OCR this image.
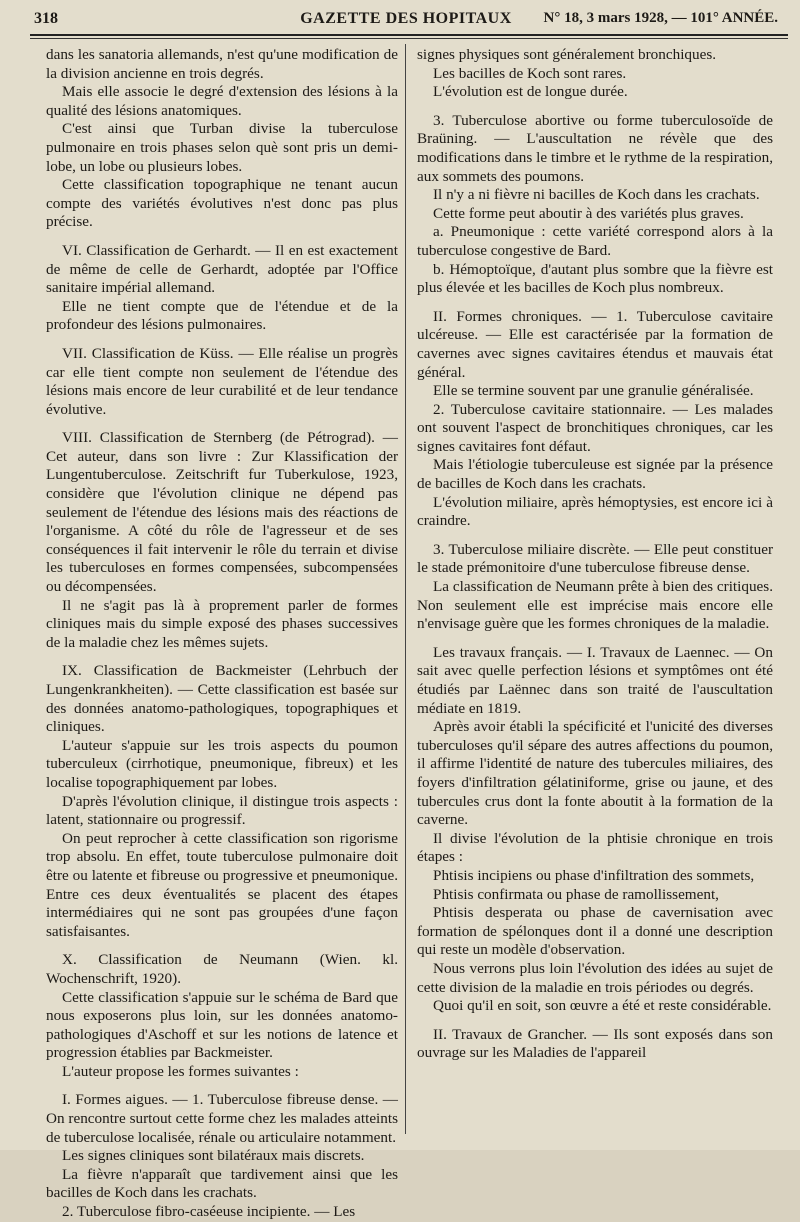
318	GAZETTE DES HOPITAUX	N° 18, 3 mars 1928, — 101° ANNÉE.

dans les sanatoria allemands, n'est qu'une modification de la division ancienne en trois degrés.

Mais elle associe le degré d'extension des lésions à la qualité des lésions anatomiques.

C'est ainsi que Turban divise la tuberculose pulmonaire en trois phases selon què sont pris un demi-lobe, un lobe ou plusieurs lobes.

Cette classification topographique ne tenant aucun compte des variétés évolutives n'est donc pas plus précise.

VI. Classification de Gerhardt. — Il en est exactement de même de celle de Gerhardt, adoptée par l'Office sanitaire impérial allemand.

Elle ne tient compte que de l'étendue et de la profondeur des lésions pulmonaires.

VII. Classification de Küss. — Elle réalise un progrès car elle tient compte non seulement de l'étendue des lésions mais encore de leur curabilité et de leur tendance évolutive.

VIII. Classification de Sternberg (de Pétrograd). — Cet auteur, dans son livre : Zur Klassification der Lungentuberculose. Zeitschrift fur Tuberkulose, 1923, considère que l'évolution clinique ne dépend pas seulement de l'étendue des lésions mais des réactions de l'organisme. A côté du rôle de l'agresseur et de ses conséquences il fait intervenir le rôle du terrain et divise les tuberculoses en formes compensées, subcompensées ou décompensées.

Il ne s'agit pas là à proprement parler de formes cliniques mais du simple exposé des phases successives de la maladie chez les mêmes sujets.

IX. Classification de Backmeister (Lehrbuch der Lungenkrankheiten). — Cette classification est basée sur des données anatomo-pathologiques, topographiques et cliniques.

L'auteur s'appuie sur les trois aspects du poumon tuberculeux (cirrhotique, pneumonique, fibreux) et les localise topographiquement par lobes.

D'après l'évolution clinique, il distingue trois aspects : latent, stationnaire ou progressif.

On peut reprocher à cette classification son rigorisme trop absolu. En effet, toute tuberculose pulmonaire doit être ou latente et fibreuse ou progressive et pneumonique. Entre ces deux éventualités se placent des étapes intermédiaires qui ne sont pas groupées d'une façon satisfaisantes.

X. Classification de Neumann (Wien. kl. Wochenschrift, 1920).

Cette classification s'appuie sur le schéma de Bard que nous exposerons plus loin, sur les données anatomo-pathologiques d'Aschoff et sur les notions de latence et progression établies par Backmeister.

L'auteur propose les formes suivantes :

I. Formes aigues. — 1. Tuberculose fibreuse dense. — On rencontre surtout cette forme chez les malades atteints de tuberculose localisée, rénale ou articulaire notamment.

Les signes cliniques sont bilatéraux mais discrets.

La fièvre n'apparaît que tardivement ainsi que les bacilles de Koch dans les crachats.

2. Tuberculose fibro-caséeuse incipiente. — Les

signes physiques sont généralement bronchiques.

Les bacilles de Koch sont rares.

L'évolution est de longue durée.

3. Tuberculose abortive ou forme tuberculosoïde de Braüning. — L'auscultation ne révèle que des modifications dans le timbre et le rythme de la respiration, aux sommets des poumons.

Il n'y a ni fièvre ni bacilles de Koch dans les crachats.

Cette forme peut aboutir à des variétés plus graves.

a. Pneumonique : cette variété correspond alors à la tuberculose congestive de Bard.

b. Hémoptoïque, d'autant plus sombre que la fièvre est plus élevée et les bacilles de Koch plus nombreux.

II. Formes chroniques. — 1. Tuberculose cavitaire ulcéreuse. — Elle est caractérisée par la formation de cavernes avec signes cavitaires étendus et mauvais état général.

Elle se termine souvent par une granulie généralisée.

2. Tuberculose cavitaire stationnaire. — Les malades ont souvent l'aspect de bronchitiques chroniques, car les signes cavitaires font défaut.

Mais l'étiologie tuberculeuse est signée par la présence de bacilles de Koch dans les crachats.

L'évolution miliaire, après hémoptysies, est encore ici à craindre.

3. Tuberculose miliaire discrète. — Elle peut constituer le stade prémonitoire d'une tuberculose fibreuse dense.

La classification de Neumann prête à bien des critiques. Non seulement elle est imprécise mais encore elle n'envisage guère que les formes chroniques de la maladie.

Les travaux français. — I. Travaux de Laennec. — On sait avec quelle perfection lésions et symptômes ont été étudiés par Laënnec dans son traité de l'auscultation médiate en 1819.

Après avoir établi la spécificité et l'unicité des diverses tuberculoses qu'il sépare des autres affections du poumon, il affirme l'identité de nature des tubercules miliaires, des foyers d'infiltration gélatiniforme, grise ou jaune, et des tubercules crus dont la fonte aboutit à la formation de la caverne.

Il divise l'évolution de la phtisie chronique en trois étapes :

Phtisis incipiens ou phase d'infiltration des sommets,

Phtisis confirmata ou phase de ramollissement,

Phtisis desperata ou phase de cavernisation avec formation de spélonques dont il a donné une description qui reste un modèle d'observation.

Nous verrons plus loin l'évolution des idées au sujet de cette division de la maladie en trois périodes ou degrés.

Quoi qu'il en soit, son œuvre a été et reste considérable.

II. Travaux de Grancher. — Ils sont exposés dans son ouvrage sur les Maladies de l'appareil
